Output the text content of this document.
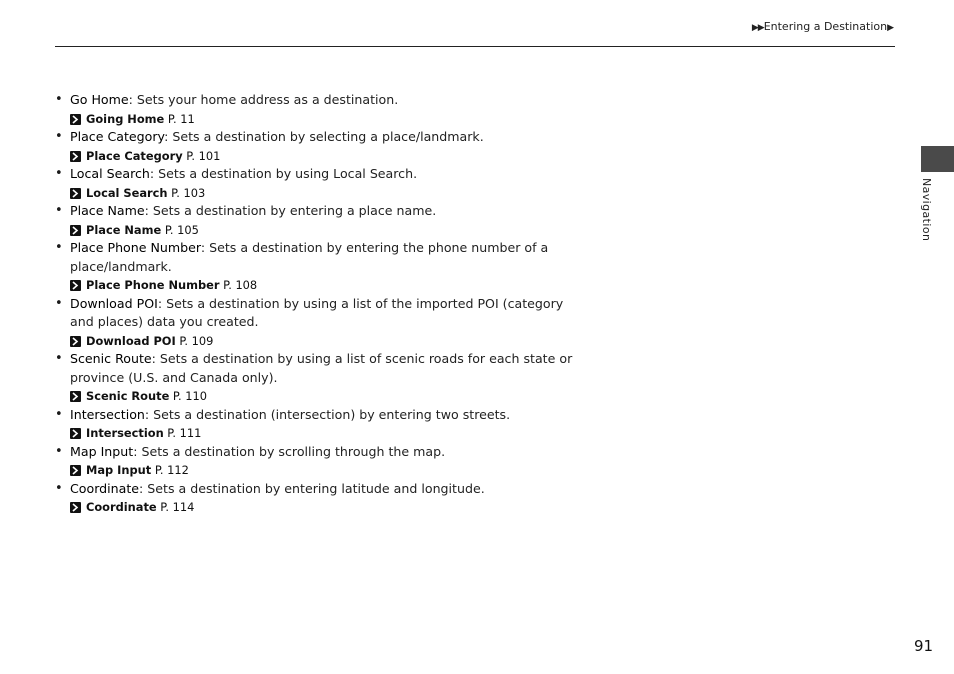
▶▶Entering a Destination▶
Navigation
• Go Home: Sets your home address as a destination.
Going Home P. 11
• Place Category: Sets a destination by selecting a place/landmark.
Place Category P. 101
• Local Search: Sets a destination by using Local Search.
Local Search P. 103
• Place Name: Sets a destination by entering a place name.
Place Name P. 105
• Place Phone Number: Sets a destination by entering the phone number of a place/landmark.
Place Phone Number P. 108
• Download POI: Sets a destination by using a list of the imported POI (category and places) data you created.
Download POI P. 109
• Scenic Route: Sets a destination by using a list of scenic roads for each state or province (U.S. and Canada only).
Scenic Route P. 110
• Intersection: Sets a destination (intersection) by entering two streets.
Intersection P. 111
• Map Input: Sets a destination by scrolling through the map.
Map Input P. 112
• Coordinate: Sets a destination by entering latitude and longitude.
Coordinate P. 114
91
